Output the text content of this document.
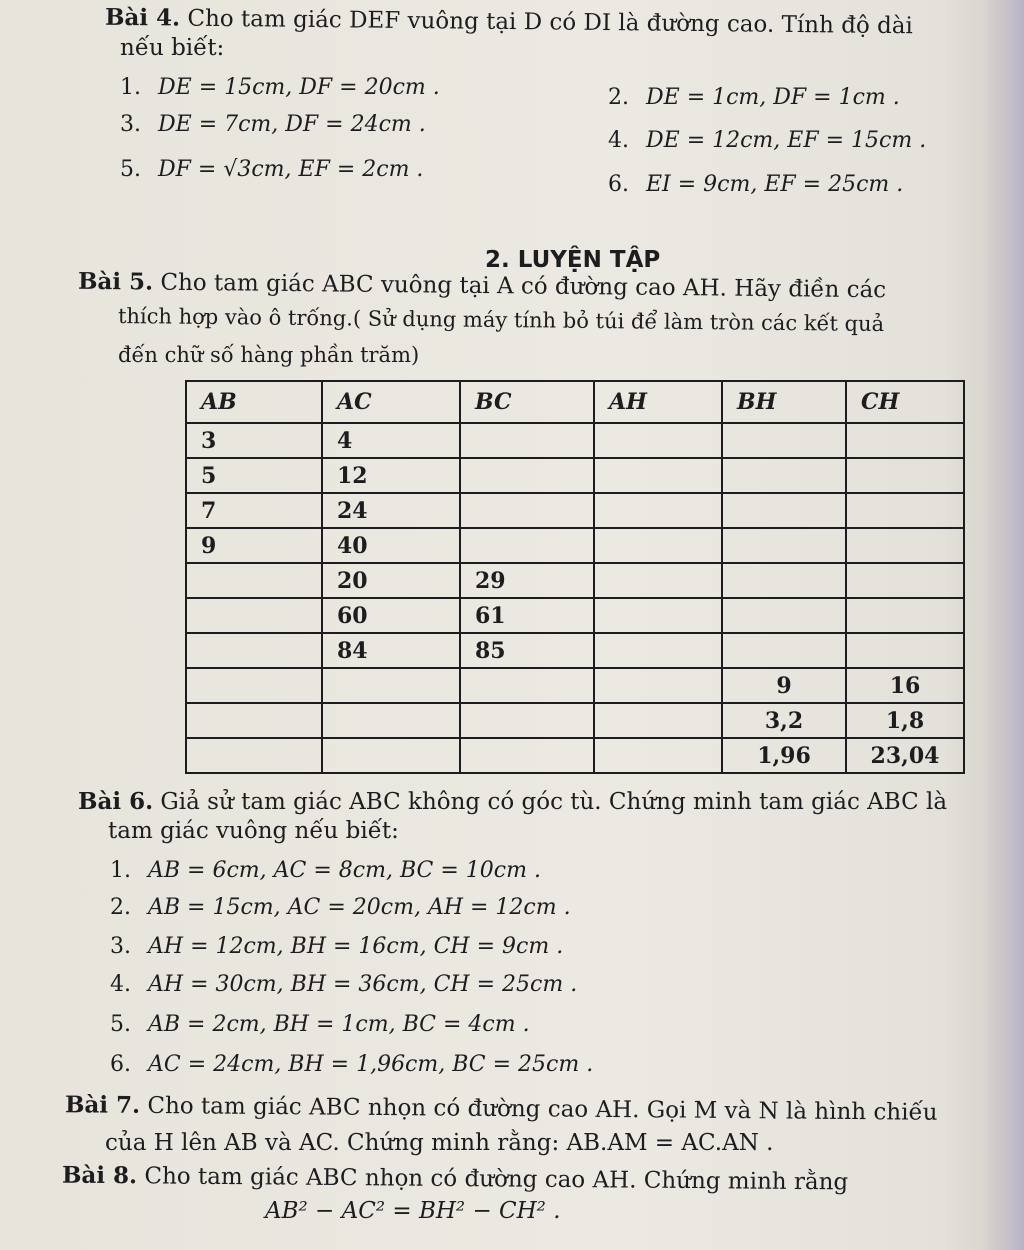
Bài 4. Cho tam giác DEF vuông tại D có DI là đường cao. Tính độ dài
nếu biết:
1. DE = 15cm, DF = 20cm .	2. DE = 1cm, DF = 1cm .
3. DE = 7cm, DF = 24cm .
4. DE = 12cm, EF = 15cm .
5. DF = √3cm, EF = 2cm .
6. EI = 9cm, EF = 25cm .
2. LUYỆN TẬP
Bài 5. Cho tam giác ABC vuông tại A có đường cao AH. Hãy điền các
thích hợp vào ô trống.( Sử dụng máy tính bỏ túi để làm tròn các kết quả
đến chữ số hàng phần trăm)
AB	AC	BC	AH	BH	CH
3	4				
5	12				
7	24				
9	40				
	20	29			
	60	61			
	84	85			
				9	16
				3,2	1,8
				1,96	23,04
Bài 6. Giả sử tam giác ABC không có góc tù. Chứng minh tam giác ABC là
tam giác vuông nếu biết:
1. AB = 6cm, AC = 8cm, BC = 10cm .
2. AB = 15cm, AC = 20cm, AH = 12cm .
3. AH = 12cm, BH = 16cm, CH = 9cm .
4. AH = 30cm, BH = 36cm, CH = 25cm .
5. AB = 2cm, BH = 1cm, BC = 4cm .
6. AC = 24cm, BH = 1,96cm, BC = 25cm .
Bài 7. Cho tam giác ABC nhọn có đường cao AH. Gọi M và N là hình chiếu
của H lên AB và AC. Chứng minh rằng: AB.AM = AC.AN .
Bài 8. Cho tam giác ABC nhọn có đường cao AH. Chứng minh rằng
AB² − AC² = BH² − CH² .
